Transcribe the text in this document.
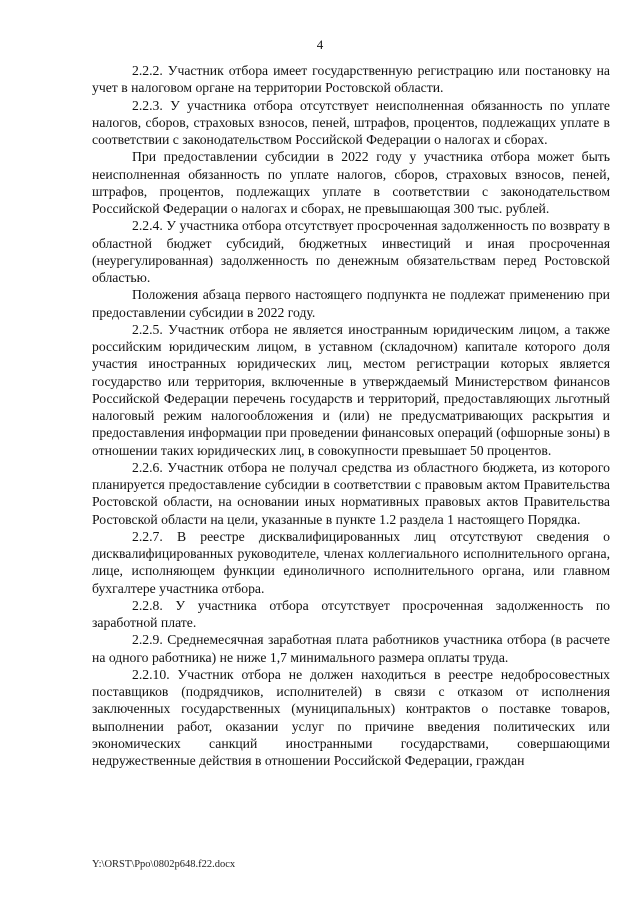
4

2.2.2. Участник отбора имеет государственную регистрацию или постановку на учет в налоговом органе на территории Ростовской области.

2.2.3. У участника отбора отсутствует неисполненная обязанность по уплате налогов, сборов, страховых взносов, пеней, штрафов, процентов, подлежащих уплате в соответствии с законодательством Российской Федерации о налогах и сборах.

При предоставлении субсидии в 2022 году у участника отбора может быть неисполненная обязанность по уплате налогов, сборов, страховых взносов, пеней, штрафов, процентов, подлежащих уплате в соответствии с законодательством Российской Федерации о налогах и сборах, не превышающая 300 тыс. рублей.

2.2.4. У участника отбора отсутствует просроченная задолженность по возврату в областной бюджет субсидий, бюджетных инвестиций и иная просроченная (неурегулированная) задолженность по денежным обязательствам перед Ростовской областью.

Положения абзаца первого настоящего подпункта не подлежат применению при предоставлении субсидии в 2022 году.

2.2.5. Участник отбора не является иностранным юридическим лицом, а также российским юридическим лицом, в уставном (складочном) капитале которого доля участия иностранных юридических лиц, местом регистрации которых является государство или территория, включенные в утверждаемый Министерством финансов Российской Федерации перечень государств и территорий, предоставляющих льготный налоговый режим налогообложения и (или) не предусматривающих раскрытия и предоставления информации при проведении финансовых операций (офшорные зоны) в отношении таких юридических лиц, в совокупности превышает 50 процентов.

2.2.6. Участник отбора не получал средства из областного бюджета, из которого планируется предоставление субсидии в соответствии с правовым актом Правительства Ростовской области, на основании иных нормативных правовых актов Правительства Ростовской области на цели, указанные в пункте 1.2 раздела 1 настоящего Порядка.

2.2.7. В реестре дисквалифицированных лиц отсутствуют сведения о дисквалифицированных руководителе, членах коллегиального исполнительного органа, лице, исполняющем функции единоличного исполнительного органа, или главном бухгалтере участника отбора.

2.2.8. У участника отбора отсутствует просроченная задолженность по заработной плате.

2.2.9. Среднемесячная заработная плата работников участника отбора (в расчете на одного работника) не ниже 1,7 минимального размера оплаты труда.

2.2.10. Участник отбора не должен находиться в реестре недобросовестных поставщиков (подрядчиков, исполнителей) в связи с отказом от исполнения заключенных государственных (муниципальных) контрактов о поставке товаров, выполнении работ, оказании услуг по причине введения политических или экономических санкций иностранными государствами, совершающими недружественные действия в отношении Российской Федерации, граждан

Y:\ORST\Ppo\0802p648.f22.docx
